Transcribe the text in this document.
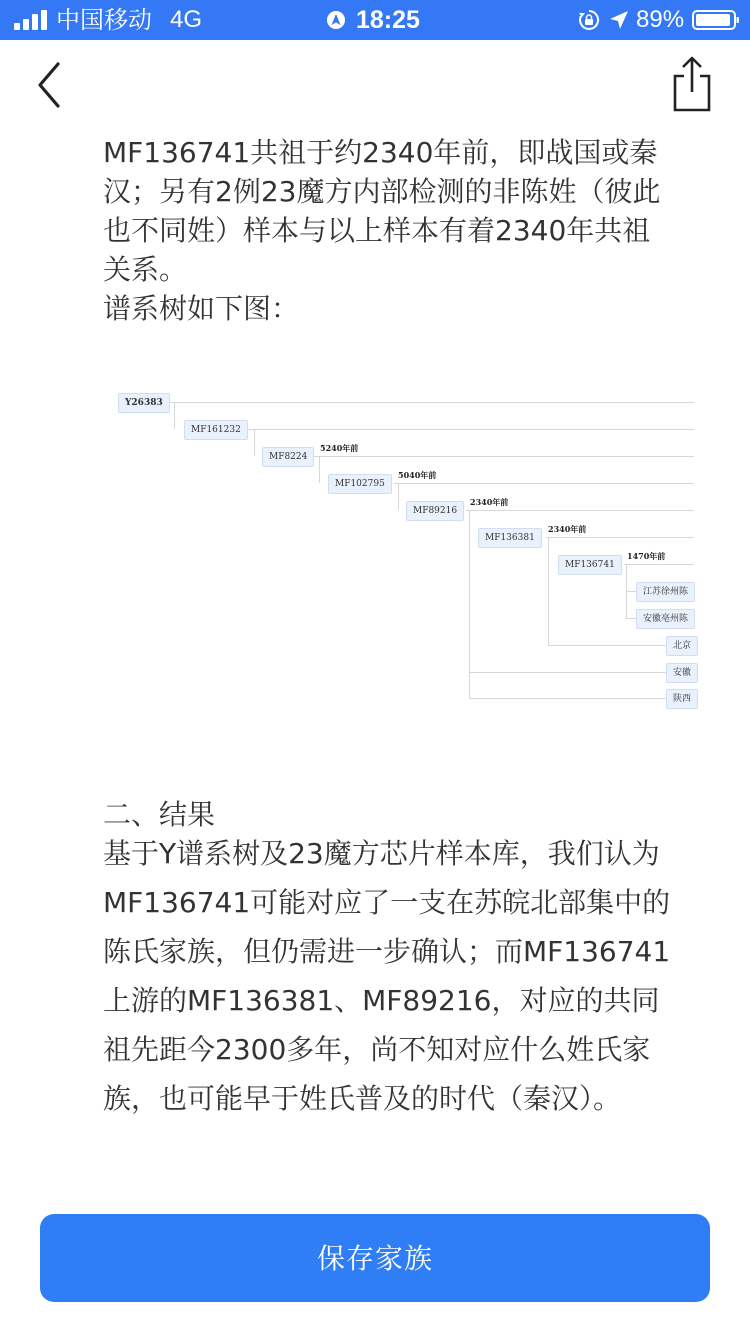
中国移动 4G	18:25	89%
MF136741共祖于约2340年前，即战国或秦
汉；另有2例23魔方内部检测的非陈姓（彼此
也不同姓）样本与以上样本有着2340年共祖
关系。
谱系树如下图：
Y26383
MF161232
MF8224
MF102795
MF89216
MF136381
MF136741
5240年前
5040年前
2340年前
2340年前
1470年前
江苏徐州陈
安徽亳州陈
北京
安徽
陕西
二、结果
基于Y谱系树及23魔方芯片样本库，我们认为
MF136741可能对应了一支在苏皖北部集中的
陈氏家族，但仍需进一步确认；而MF136741
上游的MF136381、MF89216，对应的共同
祖先距今2300多年，尚不知对应什么姓氏家
族，也可能早于姓氏普及的时代（秦汉）。
保存家族
